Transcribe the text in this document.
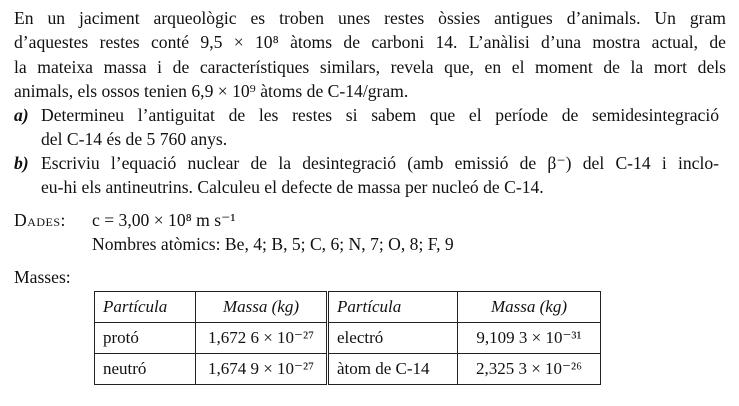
En un jaciment arqueològic es troben unes restes òssies antigues d’animals. Un gram
d’aquestes restes conté 9,5 × 10⁸ àtoms de carboni 14. L’anàlisi d’una mostra actual, de
la mateixa massa i de característiques similars, revela que, en el moment de la mort dels
animals, els ossos tenien 6,9 × 10⁹ àtoms de C-14/gram.
a) Determineu l’antiguitat de les restes si sabem que el període de semidesintegració
del C-14 és de 5 760 anys.
b) Escriviu l’equació nuclear de la desintegració (amb emissió de β⁻) del C-14 i inclo-
eu-hi els antineutrins. Calculeu el defecte de massa per nucleó de C-14.
Dades: c = 3,00 × 10⁸ m s⁻¹
Nombres atòmics: Be, 4; B, 5; C, 6; N, 7; O, 8; F, 9
Masses:
Partícula	Massa (kg)	Partícula	Massa (kg)
protó	1,672 6 × 10⁻²⁷	electró	9,109 3 × 10⁻³¹
neutró	1,674 9 × 10⁻²⁷	àtom de C-14	2,325 3 × 10⁻²⁶
